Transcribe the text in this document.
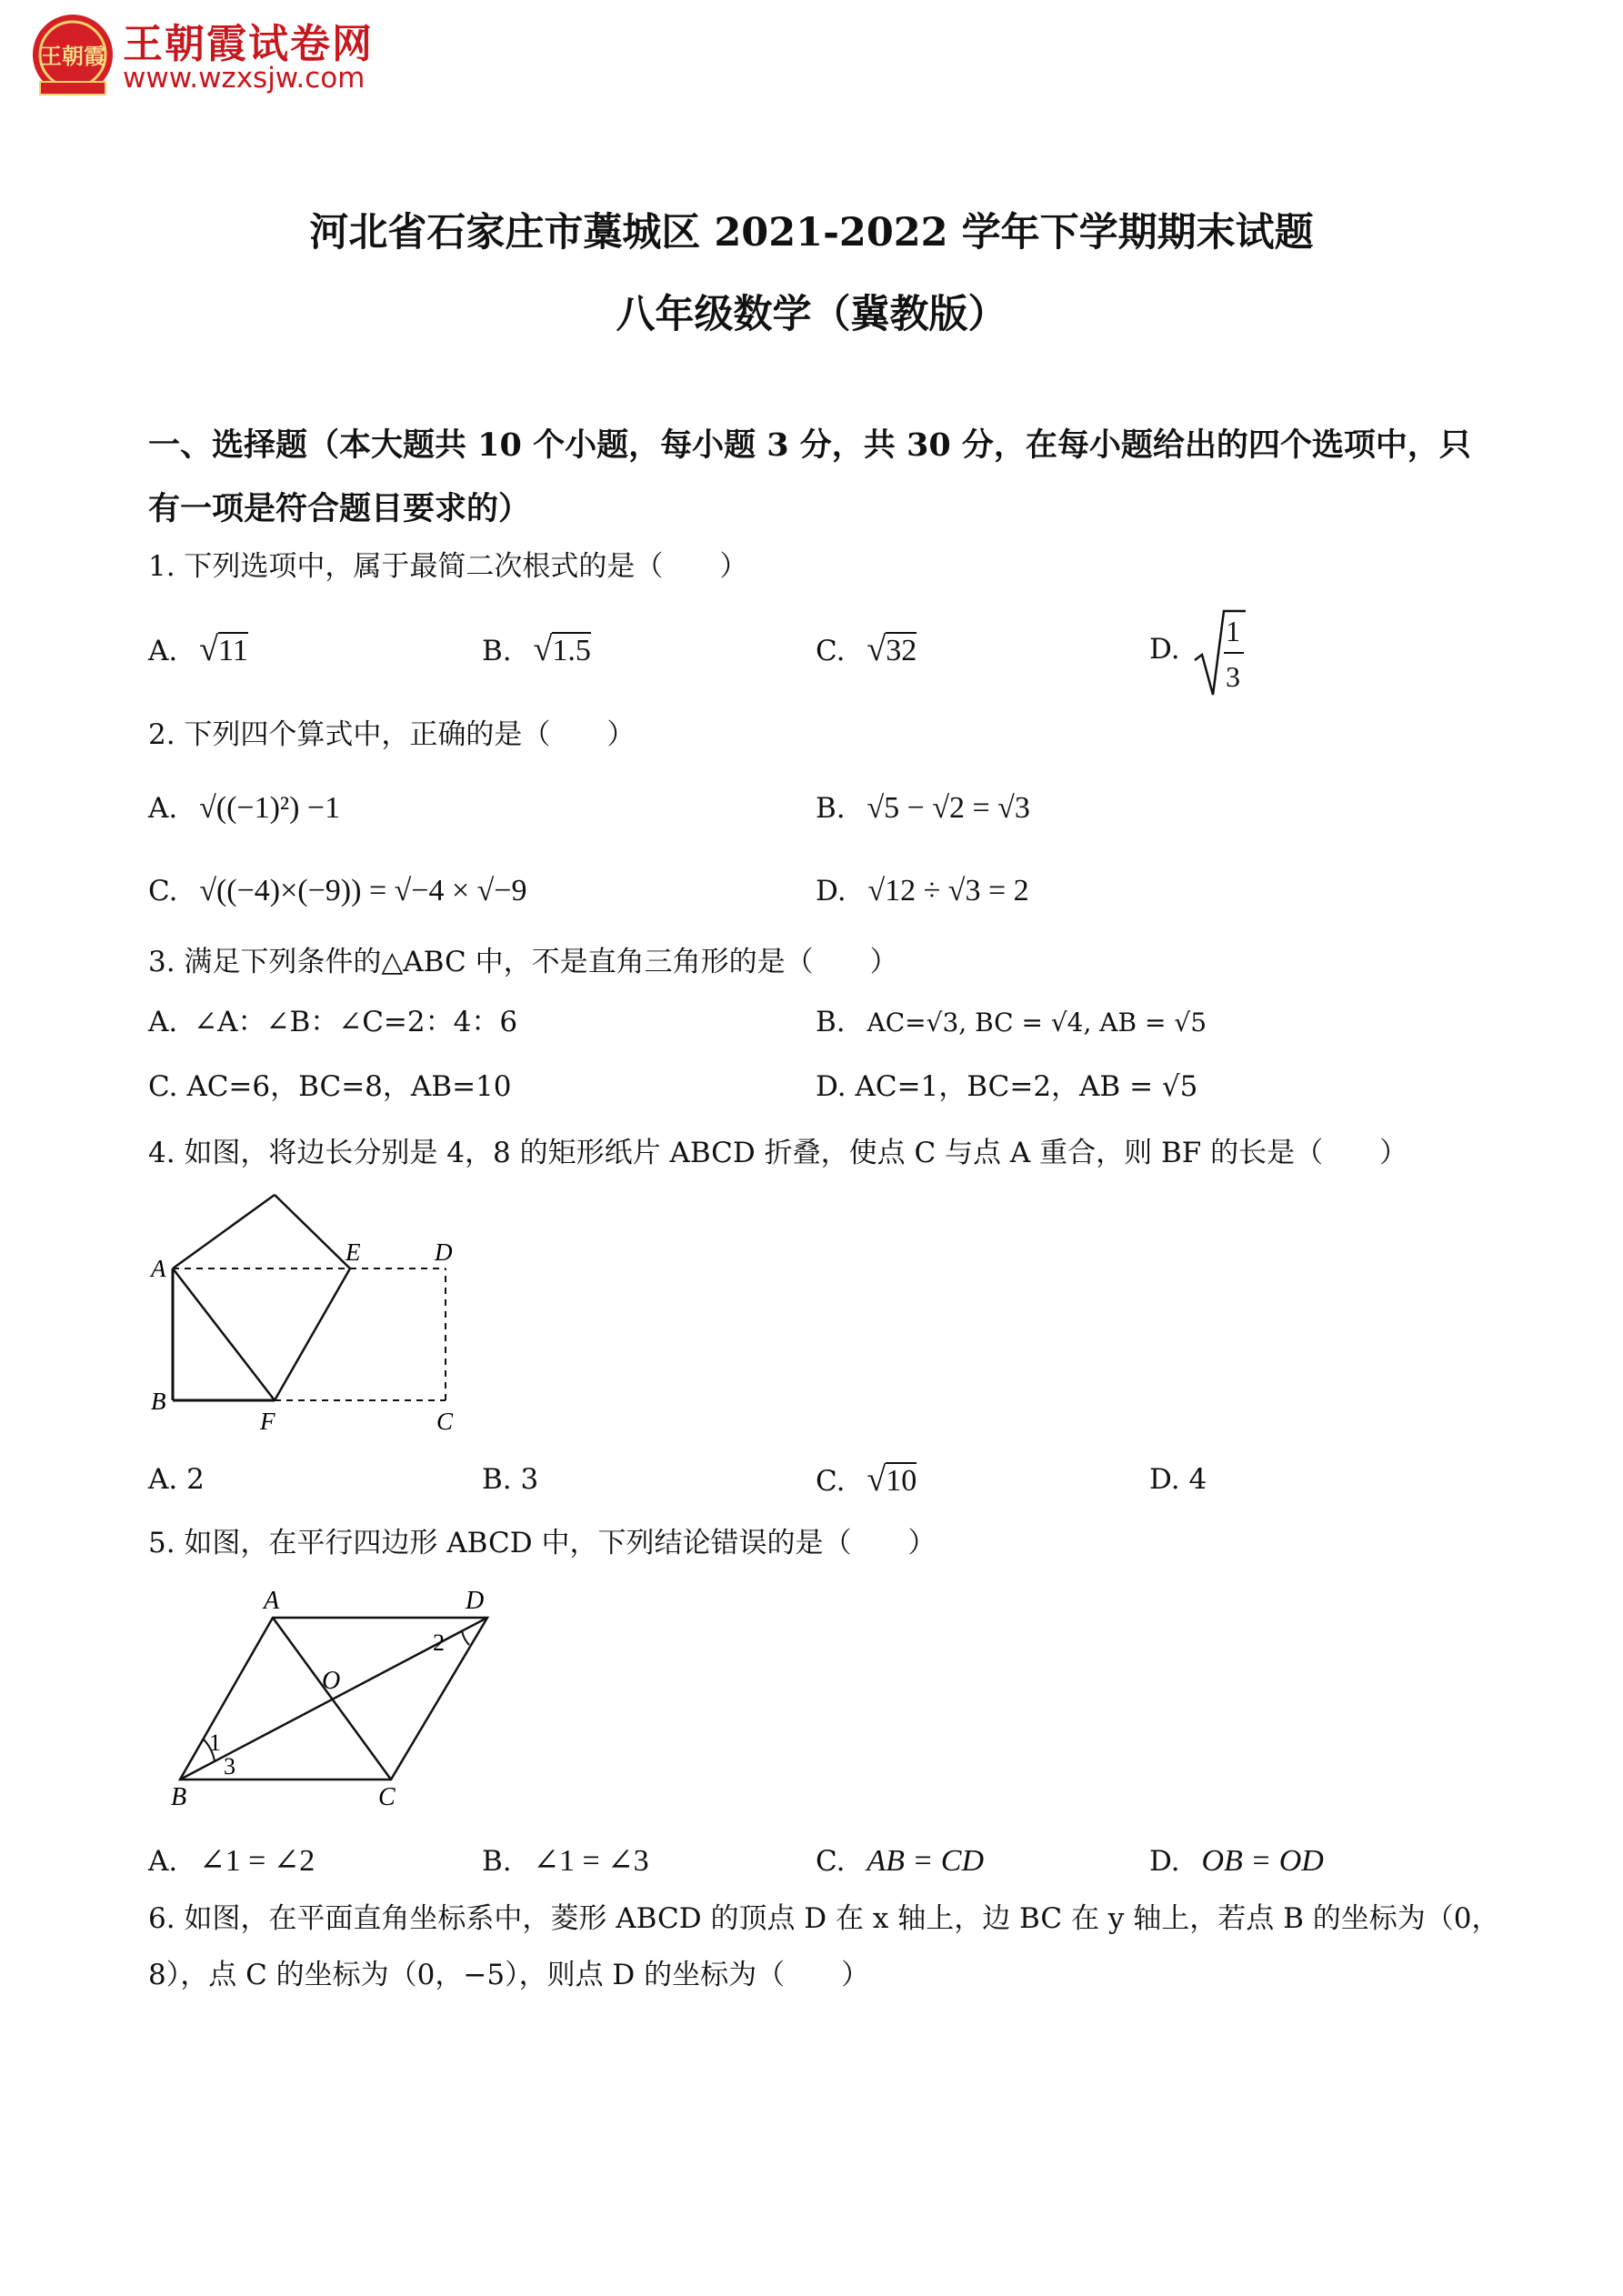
王朝霞 王朝霞试卷网
www.wzxsjw.com
河北省石家庄市藁城区 2021-2022 学年下学期期末试题
八年级数学（冀教版）
一、选择题（本大题共 10 个小题，每小题 3 分，共 30 分，在每小题给出的四个选项中，只
有一项是符合题目要求的）
1. 下列选项中，属于最简二次根式的是（　　）
A. √11	B. √1.5	C. √32	D.
1
3
2. 下列四个算式中，正确的是（　　）
A. √((−1)²) −1	B. √5 − √2 = √3
C. √((−4)×(−9)) = √−4 × √−9	D. √12 ÷ √3 = 2
3. 满足下列条件的△ABC 中，不是直角三角形的是（　　）
A. ∠A：∠B：∠C=2：4：6	B. AC=√3, BC = √4, AB = √5
C. AC=6，BC=8，AB=10	D. AC=1，BC=2，AB = √5
4. 如图，将边长分别是 4，8 的矩形纸片 ABCD 折叠，使点 C 与点 A 重合，则 BF 的长是（　　）
A
E	D
B
F	C
A. 2	B. 3	C. √10	D. 4
5. 如图，在平行四边形 ABCD 中，下列结论错误的是（　　）
A	D
O
2
1
3
B	C
A. ∠1 = ∠2	B. ∠1 = ∠3	C. AB = CD	D. OB = OD
6. 如图，在平面直角坐标系中，菱形 ABCD 的顶点 D 在 x 轴上，边 BC 在 y 轴上，若点 B 的坐标为（0，
8），点 C 的坐标为（0，−5），则点 D 的坐标为（　　）
